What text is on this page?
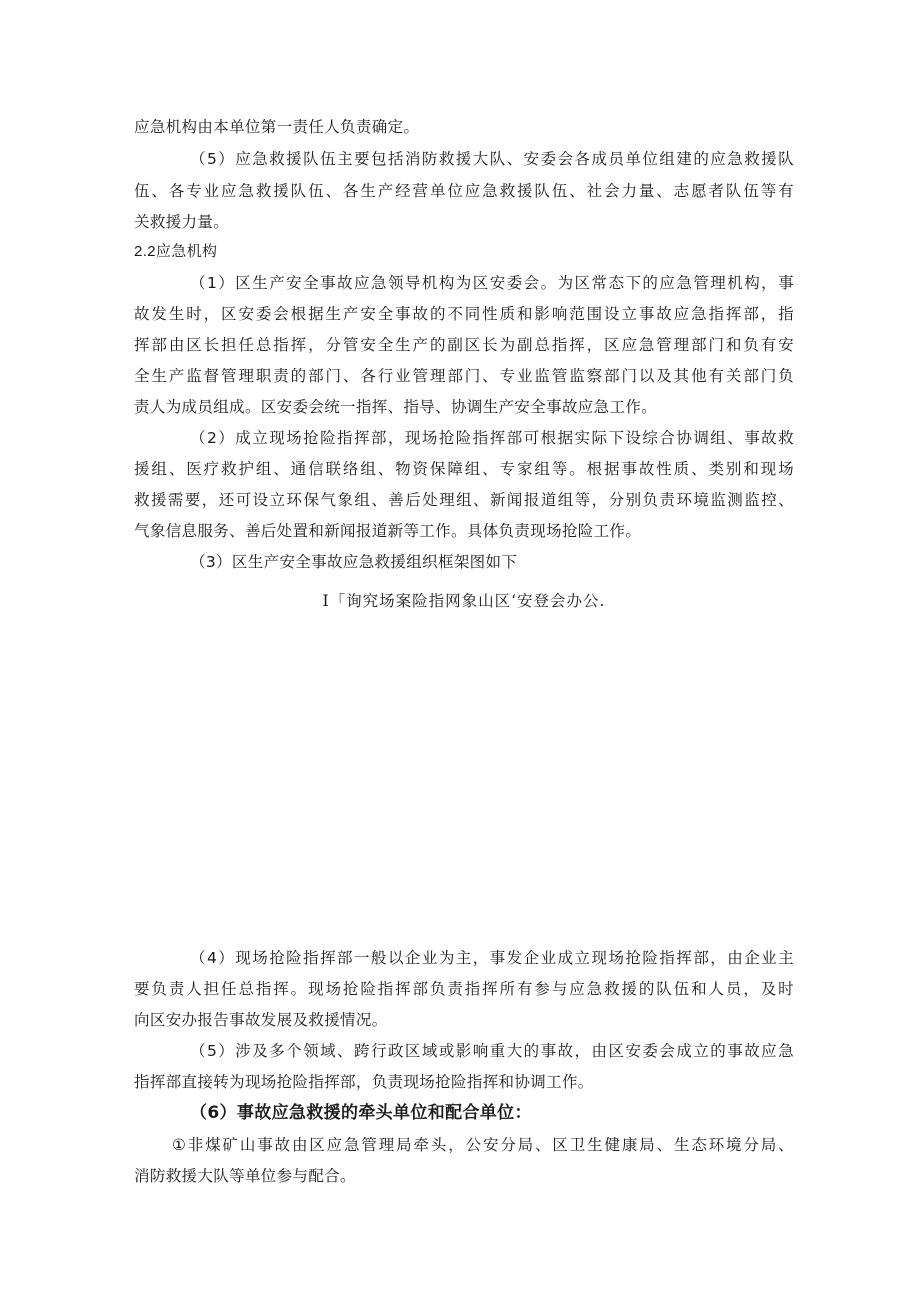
应急机构由本单位第一责任人负责确定。
（5）应急救援队伍主要包括消防救援大队、安委会各成员单位组建的应急救援队
伍、各专业应急救援队伍、各生产经营单位应急救援队伍、社会力量、志愿者队伍等有
关救援力量。
2.2应急机构
（1）区生产安全事故应急领导机构为区安委会。为区常态下的应急管理机构，事
故发生时，区安委会根据生产安全事故的不同性质和影响范围设立事故应急指挥部，指
挥部由区长担任总指挥，分管安全生产的副区长为副总指挥，区应急管理部门和负有安
全生产监督管理职责的部门、各行业管理部门、专业监管监察部门以及其他有关部门负
责人为成员组成。区安委会统一指挥、指导、协调生产安全事故应急工作。
（2）成立现场抢险指挥部，现场抢险指挥部可根据实际下设综合协调组、事故救
援组、医疗救护组、通信联络组、物资保障组、专家组等。根据事故性质、类别和现场
救援需要，还可设立环保气象组、善后处理组、新闻报道组等，分别负责环境监测监控、
气象信息服务、善后处置和新闻报道新等工作。具体负责现场抢险工作。
（3）区生产安全事故应急救援组织框架图如下
I「询究场案险指网象山区‘安登会办公.
（4）现场抢险指挥部一般以企业为主，事发企业成立现场抢险指挥部，由企业主
要负责人担任总指挥。现场抢险指挥部负责指挥所有参与应急救援的队伍和人员，及时
向区安办报告事故发展及救援情况。
（5）涉及多个领域、跨行政区域或影响重大的事故，由区安委会成立的事故应急
指挥部直接转为现场抢险指挥部，负责现场抢险指挥和协调工作。
（6）事故应急救援的牵头单位和配合单位：
①非煤矿山事故由区应急管理局牵头，公安分局、区卫生健康局、生态环境分局、
消防救援大队等单位参与配合。
